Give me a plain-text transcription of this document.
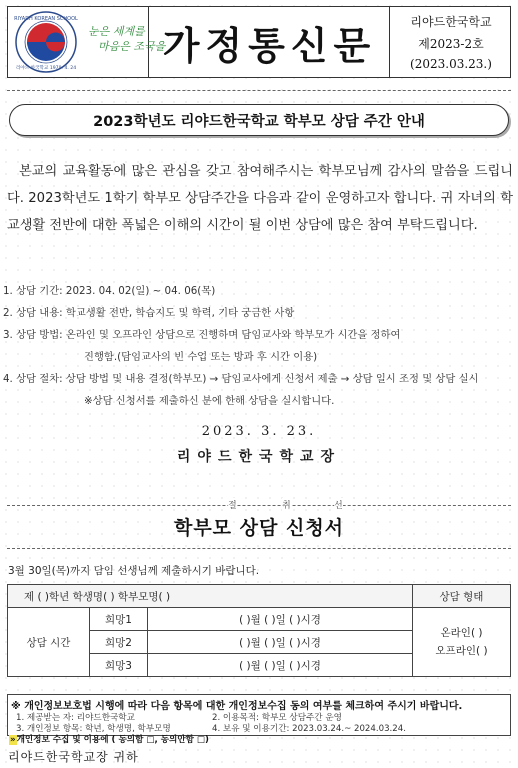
RIYADH KOREAN SCHOOL
리야드 한국학교 1979. 4. 24
눈은 세계를
마음은 조국을
가정통신문
리야드한국학교
제2023-2호
(2023.03.23.)
2023학년도 리야드한국학교 학부모 상담 주간 안내
본교의 교육활동에 많은 관심을 갖고 참여해주시는 학부모님께 감사의 말씀을 드립니다. 2023학년도 1학기 학부모 상담주간을 다음과 같이 운영하고자 합니다. 귀 자녀의 학교생활 전반에 대한 폭넓은 이해의 시간이 될 이번 상담에 많은 참여 부탁드립니다.
1. 상담 기간: 2023. 04. 02(일) ~ 04. 06(목)
2. 상담 내용: 학교생활 전반, 학습지도 및 학력, 기타 궁금한 사항
3. 상담 방법: 온라인 및 오프라인 상담으로 진행하며 담임교사와 학부모가 시간을 정하여
진행함.(담임교사의 빈 수업 또는 방과 후 시간 이용)
4. 상담 절차: 상담 방법 및 내용 결정(학부모) → 담임교사에게 신청서 제출 → 상담 일시 조정 및 상담 실시
※상담 신청서를 제출하신 분에 한해 상담을 실시합니다.
2023. 3. 23.
리야드한국학교장
절	취	선
학부모 상담 신청서
3월 30일(목)까지 담임 선생님께 제출하시기 바랍니다.
제 ( )학년 학생명( ) 학부모명( )			상담 형태
상담 시간	희망1	( )월 ( )일 ( )시경	온라인( )
오프라인( )

	희망2	( )월 ( )일 ( )시경	
	희망3	( )월 ( )일 ( )시경	
※ 개인정보보호법 시행에 따라 다음 항목에 대한 개인정보수집 동의 여부를 체크하여 주시기 바랍니다.
1. 제공받는 자: 리야드한국학교	2. 이용목적: 학부모 상담주간 운영
3. 개인정보 항목: 학년, 학생명, 학부모명	4. 보유 및 이용기간: 2023.03.24.~ 2024.03.24.
»개인정보 수집 및 이용에 ( 동의함 □, 동의안함 □)
리야드한국학교장 귀하
